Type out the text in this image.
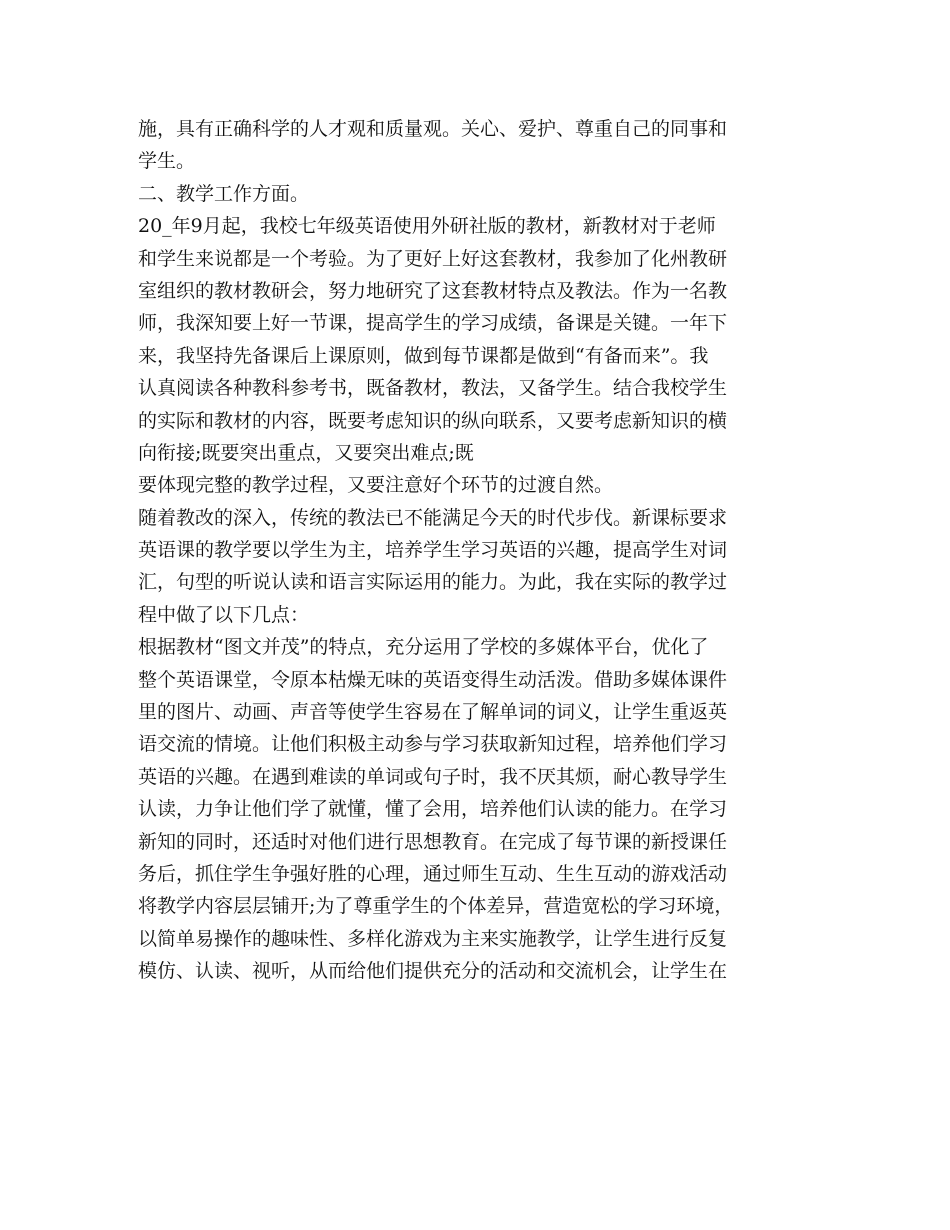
施，具有正确科学的人才观和质量观。关心、爱护、尊重自己的同事和
学生。
二、教学工作方面。
20_年9月起，我校七年级英语使用外研社版的教材，新教材对于老师
和学生来说都是一个考验。为了更好上好这套教材，我参加了化州教研
室组织的教材教研会，努力地研究了这套教材特点及教法。作为一名教
师，我深知要上好一节课，提高学生的学习成绩，备课是关键。一年下
来，我坚持先备课后上课原则，做到每节课都是做到“有备而来”。我
认真阅读各种教科参考书，既备教材，教法，又备学生。结合我校学生
的实际和教材的内容，既要考虑知识的纵向联系，又要考虑新知识的横
向衔接;既要突出重点，又要突出难点;既
要体现完整的教学过程，又要注意好个环节的过渡自然。
随着教改的深入，传统的教法已不能满足今天的时代步伐。新课标要求
英语课的教学要以学生为主，培养学生学习英语的兴趣，提高学生对词
汇，句型的听说认读和语言实际运用的能力。为此，我在实际的教学过
程中做了以下几点：
根据教材“图文并茂”的特点，充分运用了学校的多媒体平台，优化了
整个英语课堂，令原本枯燥无味的英语变得生动活泼。借助多媒体课件
里的图片、动画、声音等使学生容易在了解单词的词义，让学生重返英
语交流的情境。让他们积极主动参与学习获取新知过程，培养他们学习
英语的兴趣。在遇到难读的单词或句子时，我不厌其烦，耐心教导学生
认读，力争让他们学了就懂，懂了会用，培养他们认读的能力。在学习
新知的同时，还适时对他们进行思想教育。在完成了每节课的新授课任
务后，抓住学生争强好胜的心理，通过师生互动、生生互动的游戏活动
将教学内容层层铺开;为了尊重学生的个体差异，营造宽松的学习环境，
以简单易操作的趣味性、多样化游戏为主来实施教学，让学生进行反复
模仿、认读、视听，从而给他们提供充分的活动和交流机会，让学生在
